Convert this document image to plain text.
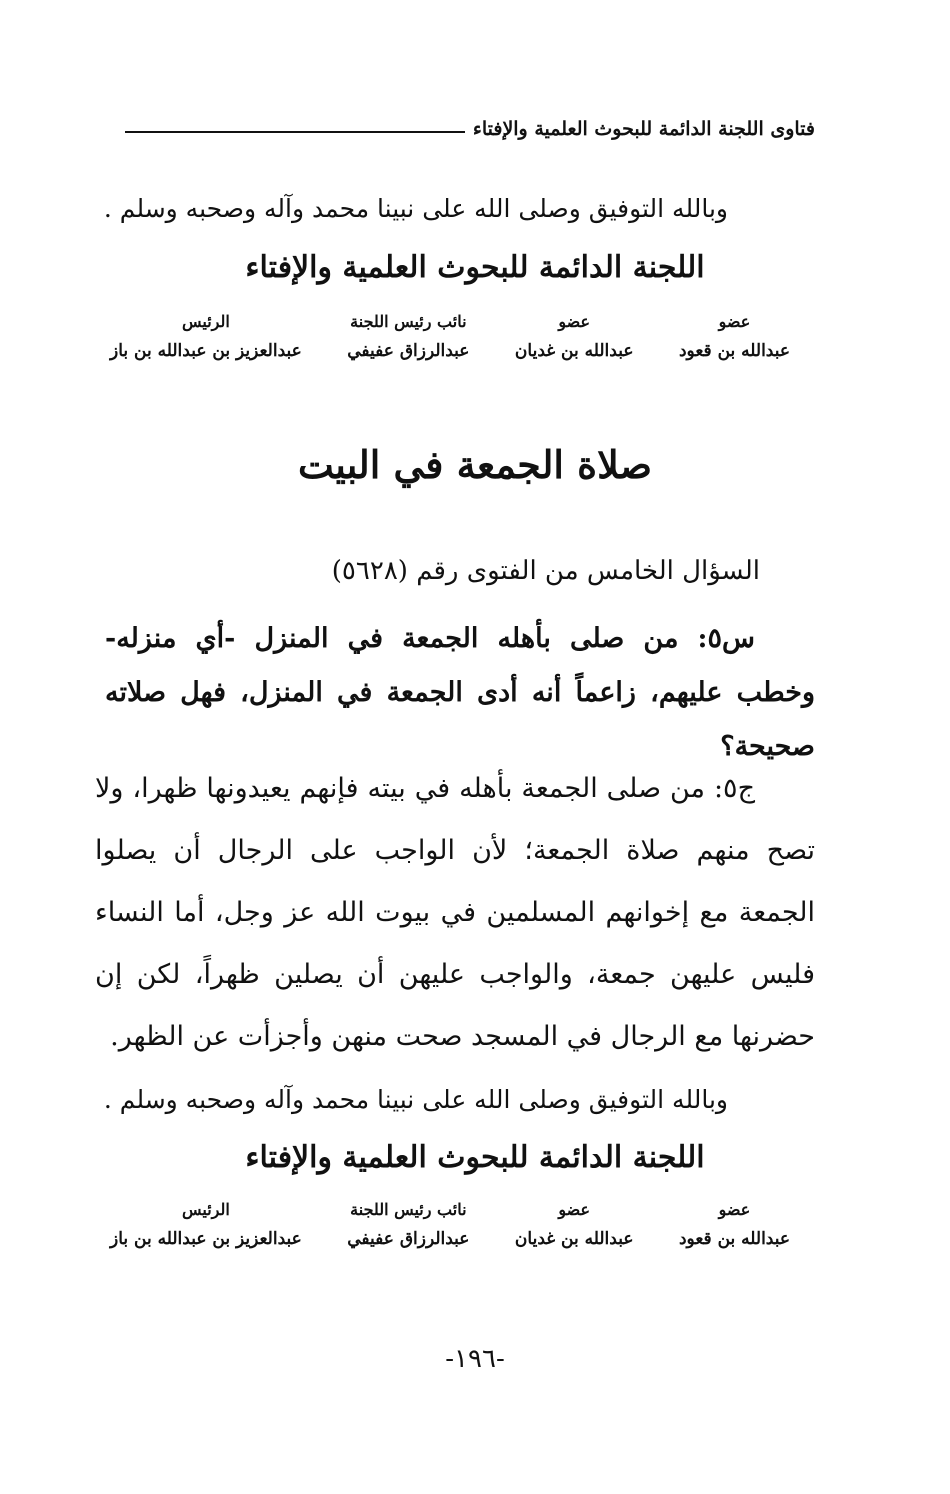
فتاوى اللجنة الدائمة للبحوث العلمية والإفتاء
وبالله التوفيق وصلى الله على نبينا محمد وآله وصحبه وسلم .
اللجنة الدائمة للبحوث العلمية والإفتاء
عضو
عبدالله بن قعود
عضو
عبدالله بن غديان
نائب رئيس اللجنة
عبدالرزاق عفيفي
الرئيس
عبدالعزيز بن عبدالله بن باز
صلاة الجمعة في البيت
السؤال الخامس من الفتوى رقم (٥٦٢٨)
س٥: من صلى بأهله الجمعة في المنزل -أي منزله- وخطب عليهم، زاعماً أنه أدى الجمعة في المنزل، فهل صلاته صحيحة؟
ج٥: من صلى الجمعة بأهله في بيته فإنهم يعيدونها ظهرا، ولا تصح منهم صلاة الجمعة؛ لأن الواجب على الرجال أن يصلوا الجمعة مع إخوانهم المسلمين في بيوت الله عز وجل، أما النساء فليس عليهن جمعة، والواجب عليهن أن يصلين ظهراً، لكن إن حضرنها مع الرجال في المسجد صحت منهن وأجزأت عن الظهر.
وبالله التوفيق وصلى الله على نبينا محمد وآله وصحبه وسلم .
اللجنة الدائمة للبحوث العلمية والإفتاء
عضو
عبدالله بن قعود
عضو
عبدالله بن غديان
نائب رئيس اللجنة
عبدالرزاق عفيفي
الرئيس
عبدالعزيز بن عبدالله بن باز
-١٩٦-
